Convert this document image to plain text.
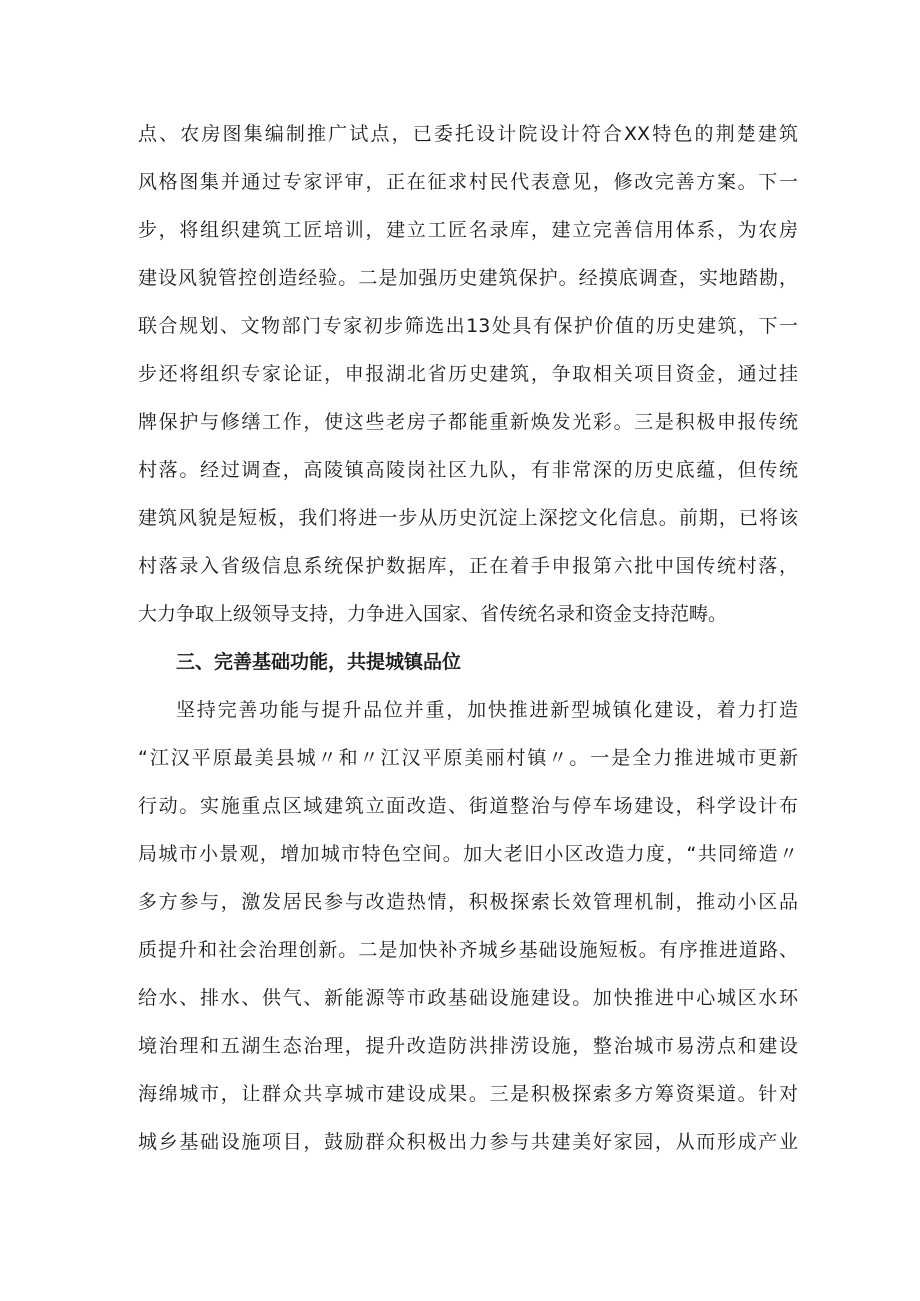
点、农房图集编制推广试点，已委托设计院设计符合XX特色的荆楚建筑
风格图集并通过专家评审，正在征求村民代表意见，修改完善方案。下一
步，将组织建筑工匠培训，建立工匠名录库，建立完善信用体系，为农房
建设风貌管控创造经验。二是加强历史建筑保护。经摸底调查，实地踏勘，
联合规划、文物部门专家初步筛选出13处具有保护价值的历史建筑，下一
步还将组织专家论证，申报湖北省历史建筑，争取相关项目资金，通过挂
牌保护与修缮工作，使这些老房子都能重新焕发光彩。三是积极申报传统
村落。经过调查，高陵镇高陵岗社区九队，有非常深的历史底蕴，但传统
建筑风貌是短板，我们将进一步从历史沉淀上深挖文化信息。前期，已将该
村落录入省级信息系统保护数据库，正在着手申报第六批中国传统村落，
大力争取上级领导支持，力争进入国家、省传统名录和资金支持范畴。
三、完善基础功能，共提城镇品位
坚持完善功能与提升品位并重，加快推进新型城镇化建设，着力打造
“江汉平原最美县城〃和〃江汉平原美丽村镇〃。一是全力推进城市更新
行动。实施重点区域建筑立面改造、街道整治与停车场建设，科学设计布
局城市小景观，增加城市特色空间。加大老旧小区改造力度，“共同缔造〃
多方参与，激发居民参与改造热情，积极探索长效管理机制，推动小区品
质提升和社会治理创新。二是加快补齐城乡基础设施短板。有序推进道路、
给水、排水、供气、新能源等市政基础设施建设。加快推进中心城区水环
境治理和五湖生态治理，提升改造防洪排涝设施，整治城市易涝点和建设
海绵城市，让群众共享城市建设成果。三是积极探索多方筹资渠道。针对
城乡基础设施项目，鼓励群众积极出力参与共建美好家园，从而形成产业
